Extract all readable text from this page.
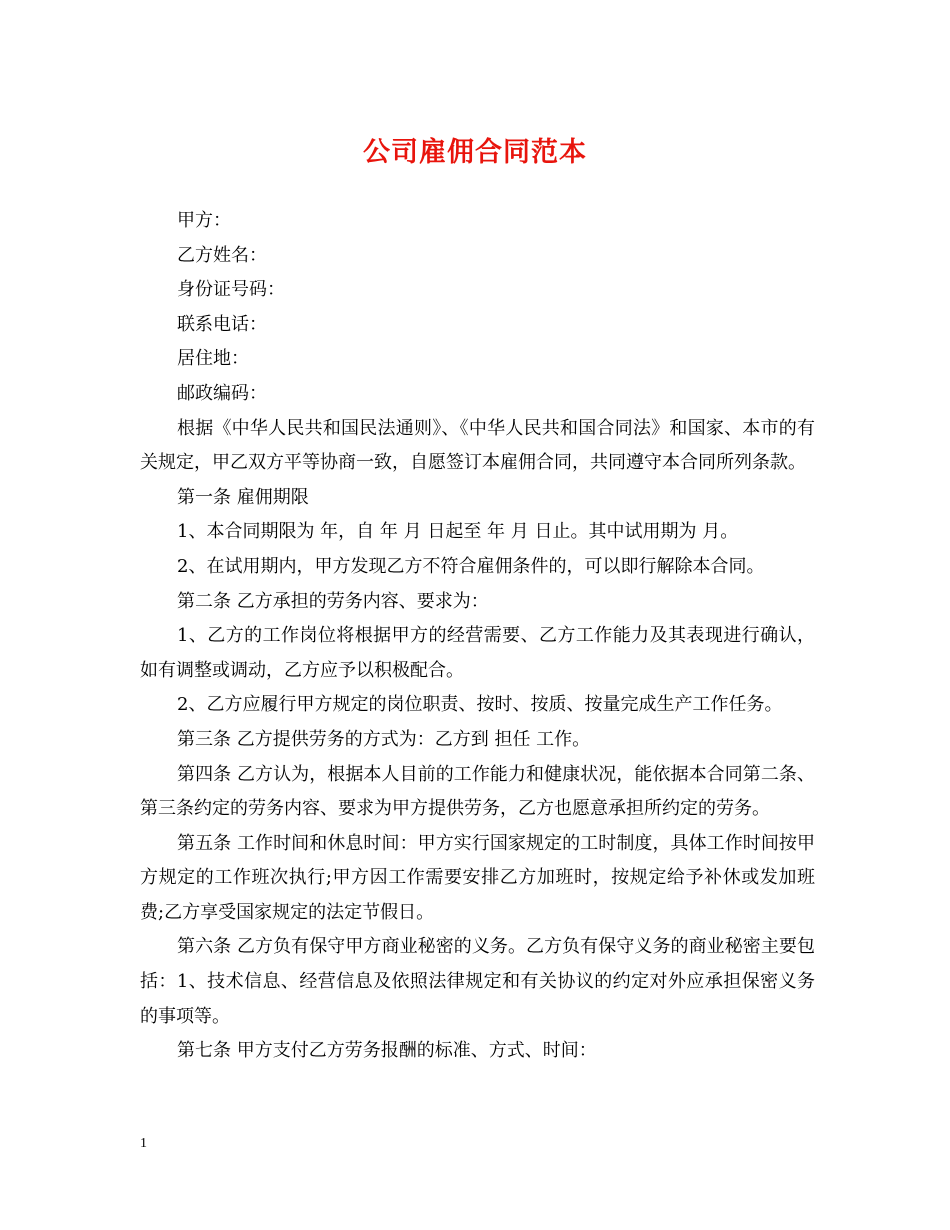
公司雇佣合同范本

甲方：

乙方姓名：

身份证号码：

联系电话：

居住地：

邮政编码：

根据《中华人民共和国民法通则》、《中华人民共和国合同法》和国家、本市的有关规定，甲乙双方平等协商一致，自愿签订本雇佣合同，共同遵守本合同所列条款。

第一条 雇佣期限

1、本合同期限为 年，自 年 月 日起至 年 月 日止。其中试用期为 月。

2、在试用期内，甲方发现乙方不符合雇佣条件的，可以即行解除本合同。

第二条 乙方承担的劳务内容、要求为：

1、乙方的工作岗位将根据甲方的经营需要、乙方工作能力及其表现进行确认，如有调整或调动，乙方应予以积极配合。

2、乙方应履行甲方规定的岗位职责、按时、按质、按量完成生产工作任务。

第三条 乙方提供劳务的方式为：乙方到 担任 工作。

第四条 乙方认为，根据本人目前的工作能力和健康状况，能依据本合同第二条、第三条约定的劳务内容、要求为甲方提供劳务，乙方也愿意承担所约定的劳务。

第五条 工作时间和休息时间：甲方实行国家规定的工时制度，具体工作时间按甲方规定的工作班次执行;甲方因工作需要安排乙方加班时，按规定给予补休或发加班费;乙方享受国家规定的法定节假日。

第六条 乙方负有保守甲方商业秘密的义务。乙方负有保守义务的商业秘密主要包括：1、技术信息、经营信息及依照法律规定和有关协议的约定对外应承担保密义务的事项等。

第七条 甲方支付乙方劳务报酬的标准、方式、时间：

1
